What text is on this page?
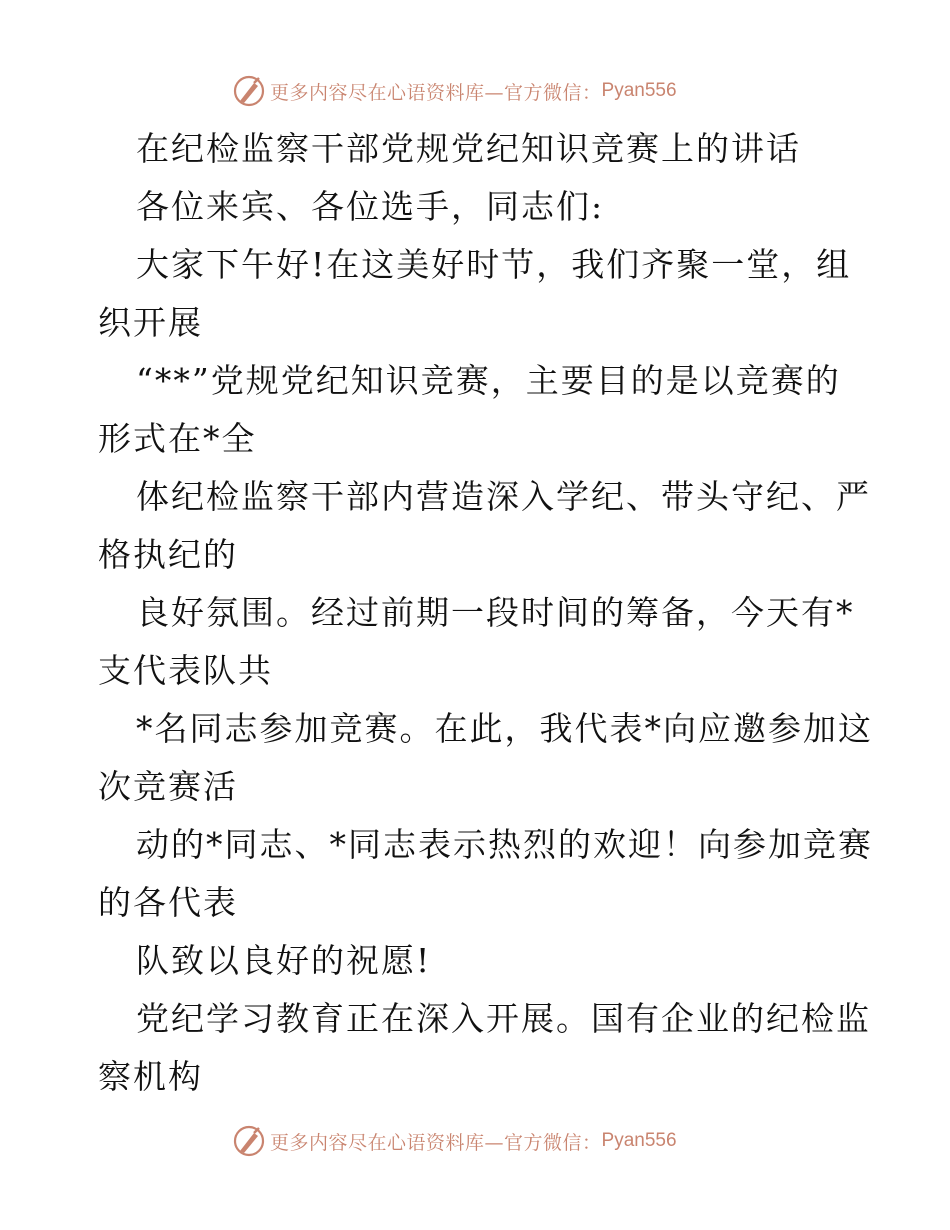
更多内容尽在心语资料库—官方微信： Pyan556
在纪检监察干部党规党纪知识竞赛上的讲话
各位来宾、各位选手，同志们:
大家下午好!在这美好时节，我们齐聚一堂，组
织开展
“**”党规党纪知识竞赛，主要目的是以竞赛的
形式在*全
体纪检监察干部内营造深入学纪、带头守纪、严
格执纪的
良好氛围。经过前期一段时间的筹备，今天有*
支代表队共
*名同志参加竞赛。在此，我代表*向应邀参加这
次竞赛活
动的*同志、*同志表示热烈的欢迎！向参加竞赛
的各代表
队致以良好的祝愿!
党纪学习教育正在深入开展。国有企业的纪检监
察机构
更多内容尽在心语资料库—官方微信： Pyan556
